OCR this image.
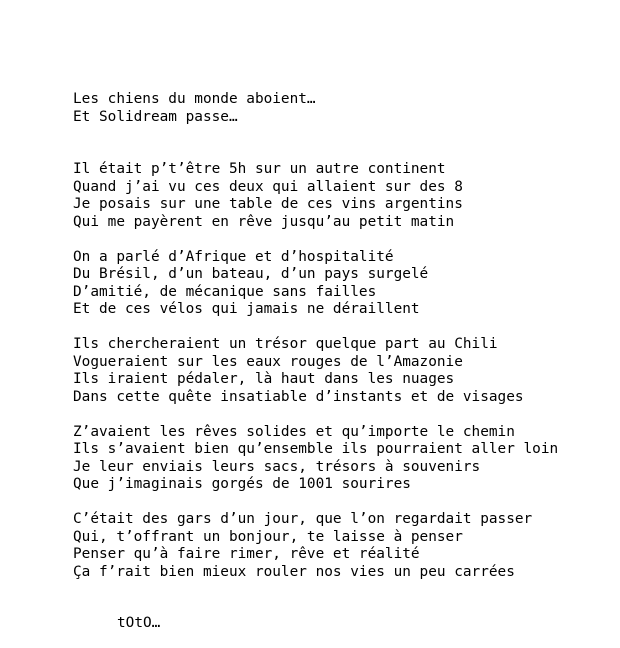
Les chiens du monde aboient…
Et Solidream passe…
Il était p’t’être 5h sur un autre continent
Quand j’ai vu ces deux qui allaient sur des 8
Je posais sur une table de ces vins argentins
Qui me payèrent en rêve jusqu’au petit matin
On a parlé d’Afrique et d’hospitalité
Du Brésil, d’un bateau, d’un pays surgelé
D’amitié, de mécanique sans failles
Et de ces vélos qui jamais ne déraillent
Ils chercheraient un trésor quelque part au Chili
Vogueraient sur les eaux rouges de l’Amazonie
Ils iraient pédaler, là haut dans les nuages
Dans cette quête insatiable d’instants et de visages
Z’avaient les rêves solides et qu’importe le chemin
Ils s’avaient bien qu’ensemble ils pourraient aller loin
Je leur enviais leurs sacs, trésors à souvenirs
Que j’imaginais gorgés de 1001 sourires
C’était des gars d’un jour, que l’on regardait passer
Qui, t’offrant un bonjour, te laisse à penser
Penser qu’à faire rimer, rêve et réalité
Ça f’rait bien mieux rouler nos vies un peu carrées
tOtO…
